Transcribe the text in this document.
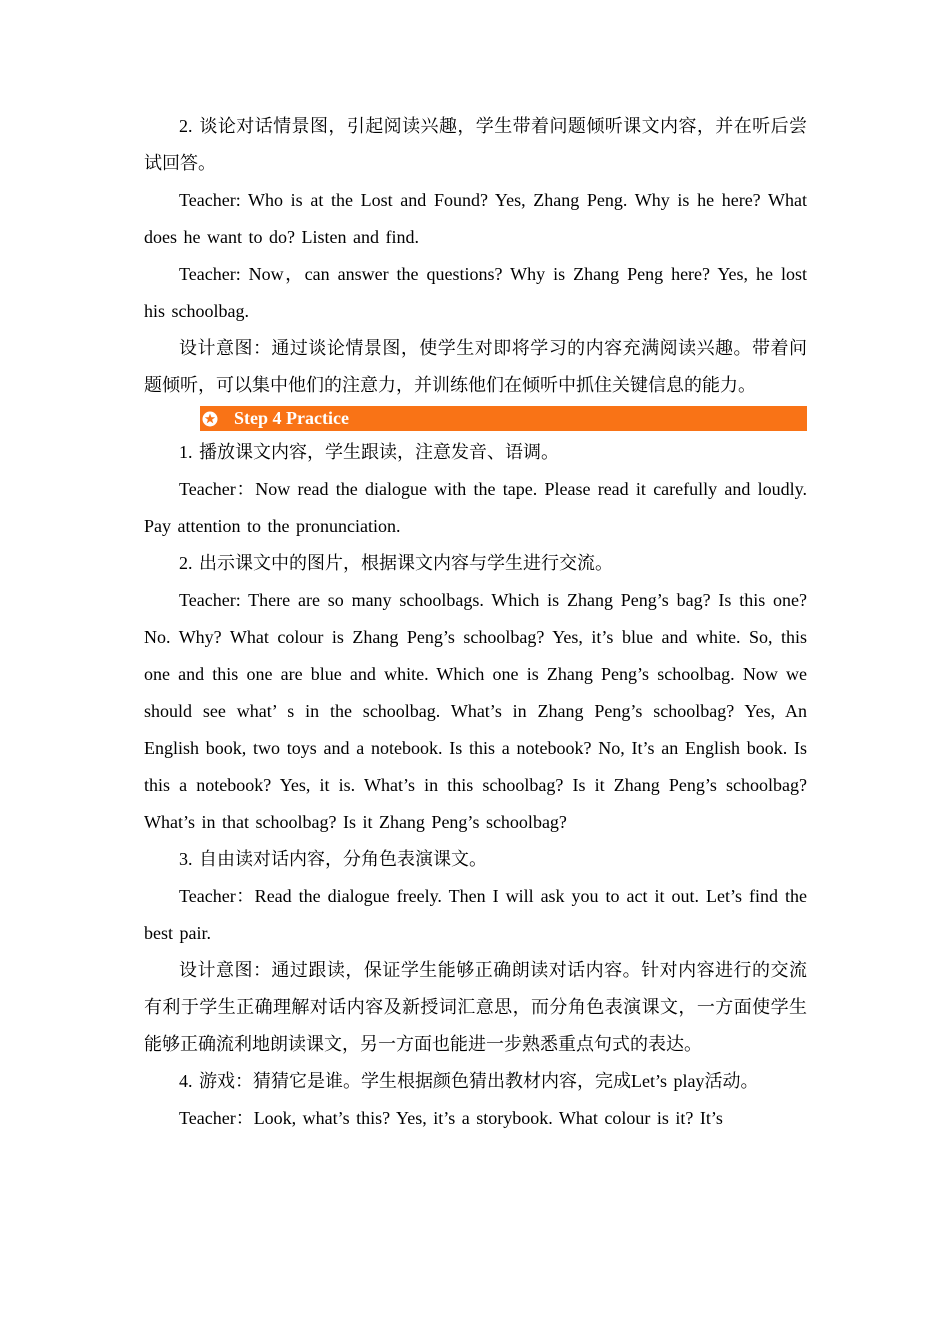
2. 谈论对话情景图，引起阅读兴趣，学生带着问题倾听课文内容，并在听后尝试回答。

Teacher: Who is at the Lost and Found? Yes, Zhang Peng. Why is he here? What does he want to do? Listen and find.

Teacher: Now，can answer the questions? Why is Zhang Peng here? Yes, he lost his schoolbag.

设计意图：通过谈论情景图，使学生对即将学习的内容充满阅读兴趣。带着问题倾听，可以集中他们的注意力，并训练他们在倾听中抓住关键信息的能力。

Step 4 Practice

1. 播放课文内容，学生跟读，注意发音、语调。

Teacher：Now read the dialogue with the tape. Please read it carefully and loudly. Pay attention to the pronunciation.

2. 出示课文中的图片，根据课文内容与学生进行交流。

Teacher: There are so many schoolbags. Which is Zhang Peng’s bag? Is this one? No. Why? What colour is Zhang Peng’s schoolbag? Yes, it’s blue and white. So, this one and this one are blue and white. Which one is Zhang Peng’s schoolbag. Now we should see what’ s in the schoolbag. What’s in Zhang Peng’s schoolbag? Yes, An English book, two toys and a notebook. Is this a notebook? No, It’s an English book. Is this a notebook? Yes, it is. What’s in this schoolbag? Is it Zhang Peng’s schoolbag? What’s in that schoolbag? Is it Zhang Peng’s schoolbag?

3. 自由读对话内容，分角色表演课文。

Teacher：Read the dialogue freely. Then I will ask you to act it out. Let’s find the best pair.

设计意图：通过跟读，保证学生能够正确朗读对话内容。针对内容进行的交流有利于学生正确理解对话内容及新授词汇意思，而分角色表演课文，一方面使学生能够正确流利地朗读课文，另一方面也能进一步熟悉重点句式的表达。

4. 游戏：猜猜它是谁。学生根据颜色猜出教材内容，完成Let’s play活动。

Teacher：Look, what’s this? Yes, it’s a storybook. What colour is it? It’s
